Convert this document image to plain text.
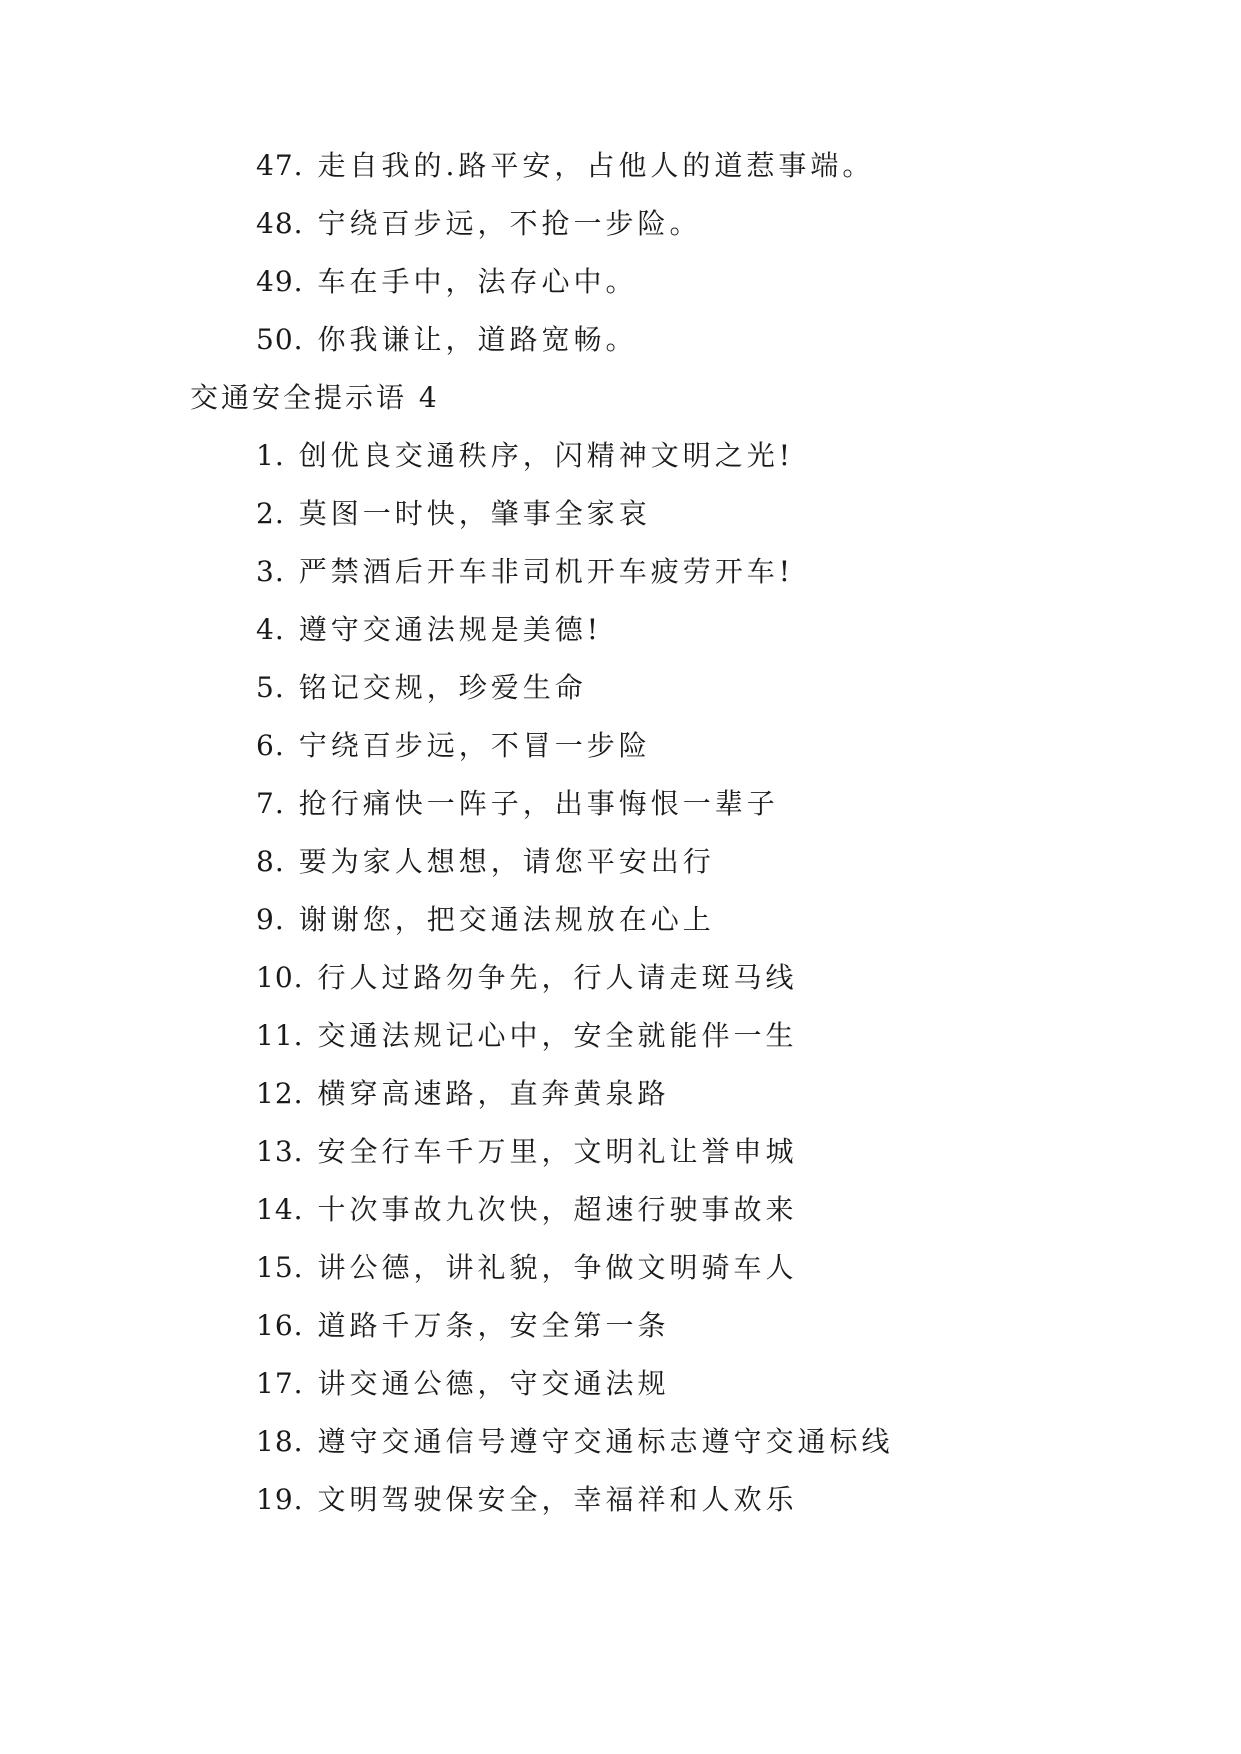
47. 走自我的.路平安，占他人的道惹事端。
48. 宁绕百步远，不抢一步险。
49. 车在手中，法存心中。
50. 你我谦让，道路宽畅。
交通安全提示语 4
1. 创优良交通秩序，闪精神文明之光!
2. 莫图一时快，肇事全家哀
3. 严禁酒后开车非司机开车疲劳开车!
4. 遵守交通法规是美德!
5. 铭记交规，珍爱生命
6. 宁绕百步远，不冒一步险
7. 抢行痛快一阵子，出事悔恨一辈子
8. 要为家人想想，请您平安出行
9. 谢谢您，把交通法规放在心上
10. 行人过路勿争先，行人请走斑马线
11. 交通法规记心中，安全就能伴一生
12. 横穿高速路，直奔黄泉路
13. 安全行车千万里，文明礼让誉申城
14. 十次事故九次快，超速行驶事故来
15. 讲公德，讲礼貌，争做文明骑车人
16. 道路千万条，安全第一条
17. 讲交通公德，守交通法规
18. 遵守交通信号遵守交通标志遵守交通标线
19. 文明驾驶保安全，幸福祥和人欢乐
